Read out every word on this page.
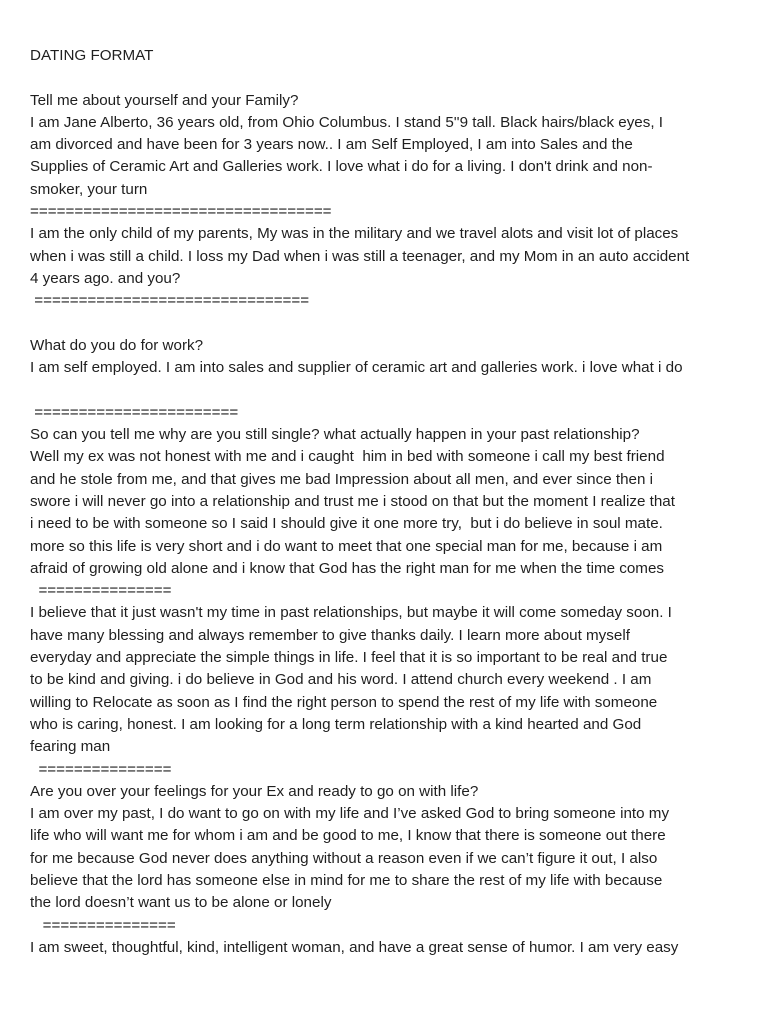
DATING FORMAT
Tell me about yourself and your Family?
I am Jane Alberto, 36 years old, from Ohio Columbus. I stand 5''9 tall. Black hairs/black eyes, I
am divorced and have been for 3 years now.. I am Self Employed, I am into Sales and the
Supplies of Ceramic Art and Galleries work. I love what i do for a living. I don't drink and non-
smoker, your turn
==================================
I am the only child of my parents, My was in the military and we travel alots and visit lot of places
when i was still a child. I loss my Dad when i was still a teenager, and my Mom in an auto accident
4 years ago. and you?
===============================
What do you do for work?
I am self employed. I am into sales and supplier of ceramic art and galleries work. i love what i do
=======================
So can you tell me why are you still single? what actually happen in your past relationship?
Well my ex was not honest with me and i caught  him in bed with someone i call my best friend
and he stole from me, and that gives me bad Impression about all men, and ever since then i
swore i will never go into a relationship and trust me i stood on that but the moment I realize that
i need to be with someone so I said I should give it one more try,  but i do believe in soul mate.
more so this life is very short and i do want to meet that one special man for me, because i am
afraid of growing old alone and i know that God has the right man for me when the time comes
===============
I believe that it just wasn't my time in past relationships, but maybe it will come someday soon. I
have many blessing and always remember to give thanks daily. I learn more about myself
everyday and appreciate the simple things in life. I feel that it is so important to be real and true
to be kind and giving. i do believe in God and his word. I attend church every weekend . I am
willing to Relocate as soon as I find the right person to spend the rest of my life with someone
who is caring, honest. I am looking for a long term relationship with a kind hearted and God
fearing man
===============
Are you over your feelings for your Ex and ready to go on with life?
I am over my past, I do want to go on with my life and I’ve asked God to bring someone into my
life who will want me for whom i am and be good to me, I know that there is someone out there
for me because God never does anything without a reason even if we can’t figure it out, I also
believe that the lord has someone else in mind for me to share the rest of my life with because
the lord doesn’t want us to be alone or lonely
===============
I am sweet, thoughtful, kind, intelligent woman, and have a great sense of humor. I am very easy
